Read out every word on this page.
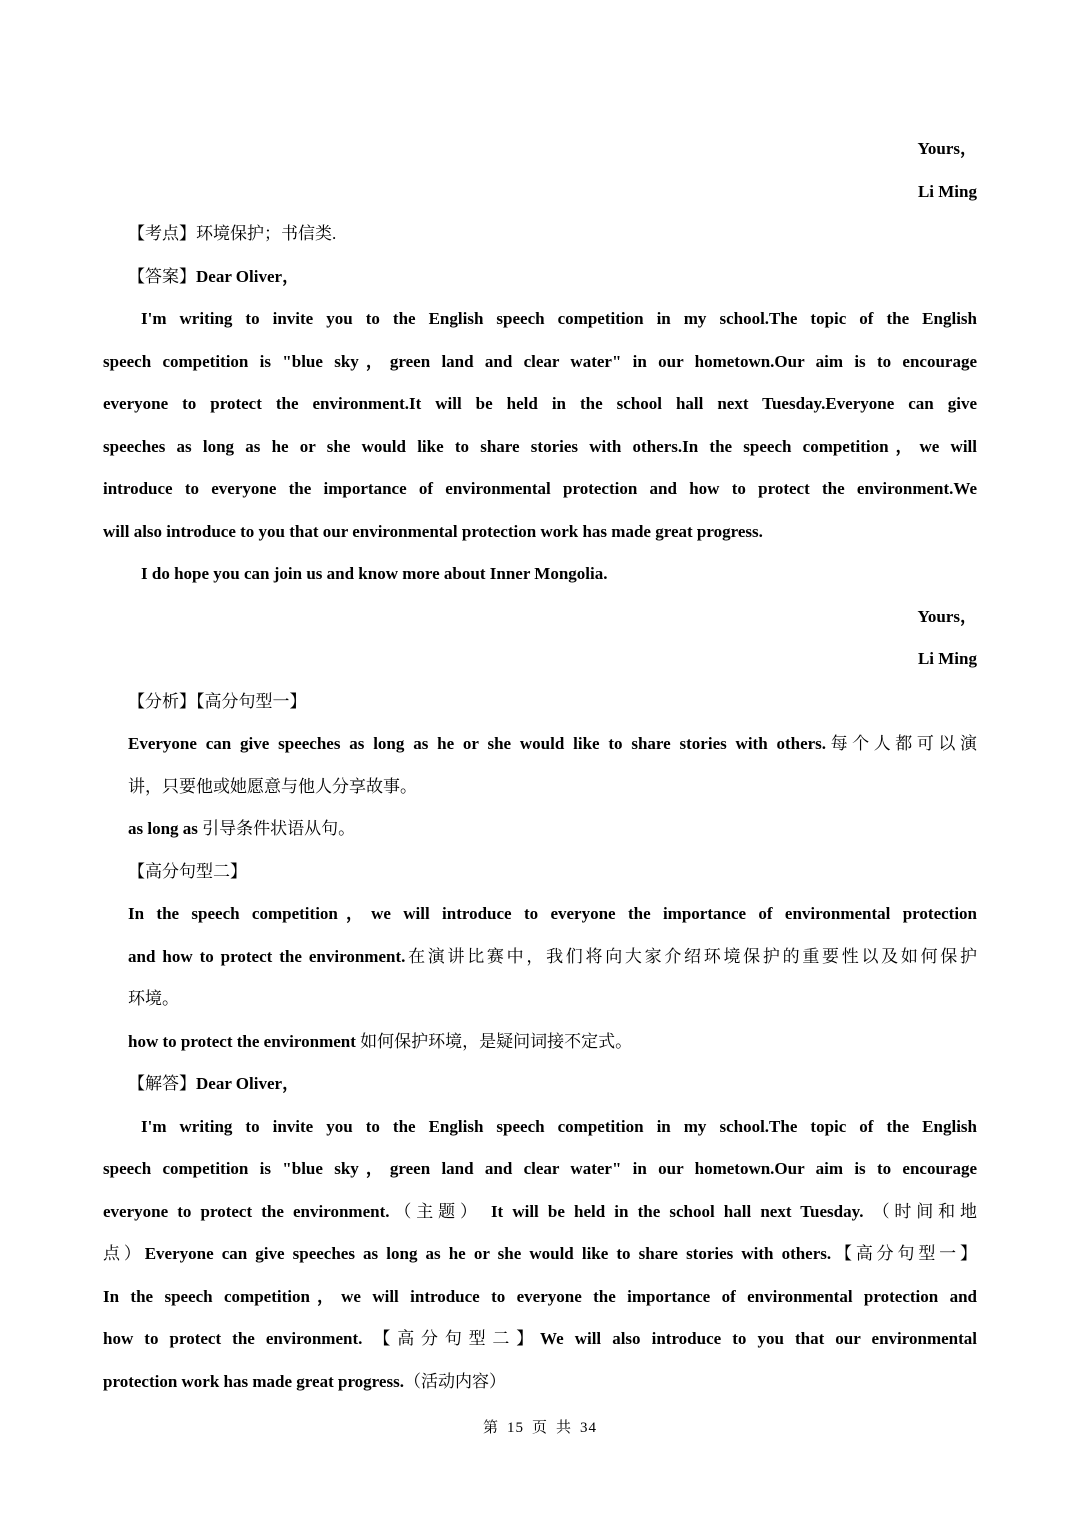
Yours，
Li Ming
【考点】环境保护；书信类.
【答案】Dear Oliver，
I'm writing to invite you to the English speech competition in my school.The topic of the English
speech competition is "blue sky，green land and clear water" in our hometown.Our aim is to encourage
everyone to protect the environment.It will be held in the school hall next Tuesday.Everyone can give
speeches as long as he or she would like to share stories with others.In the speech competition，we will
introduce to everyone the importance of environmental protection and how to protect the environment.We
will also introduce to you that our environmental protection work has made great progress.
I do hope you can join us and know more about Inner Mongolia.
Yours，
Li Ming
【分析】【高分句型一】
Everyone can give speeches as long as he or she would like to share stories with others.每个人都可以演
讲，只要他或她愿意与他人分享故事。
as long as 引导条件状语从句。
【高分句型二】
In the speech competition，we will introduce to everyone the importance of environmental protection
and how to protect the environment.在演讲比赛中，我们将向大家介绍环境保护的重要性以及如何保护
环境。
how to protect the environment 如何保护环境，是疑问词接不定式。
【解答】Dear Oliver，
I'm writing to invite you to the English speech competition in my school.The topic of the English
speech competition is "blue sky，green land and clear water" in our hometown.Our aim is to encourage
everyone to protect the environment.（主题） It will be held in the school hall next Tuesday. （时间和地
点）Everyone can give speeches as long as he or she would like to share stories with others.【高分句型一】
In the speech competition，we will introduce to everyone the importance of environmental protection and
how to protect the environment. 【高分句型二】We will also introduce to you that our environmental
protection work has made great progress.（活动内容）
第 15 页 共 34
